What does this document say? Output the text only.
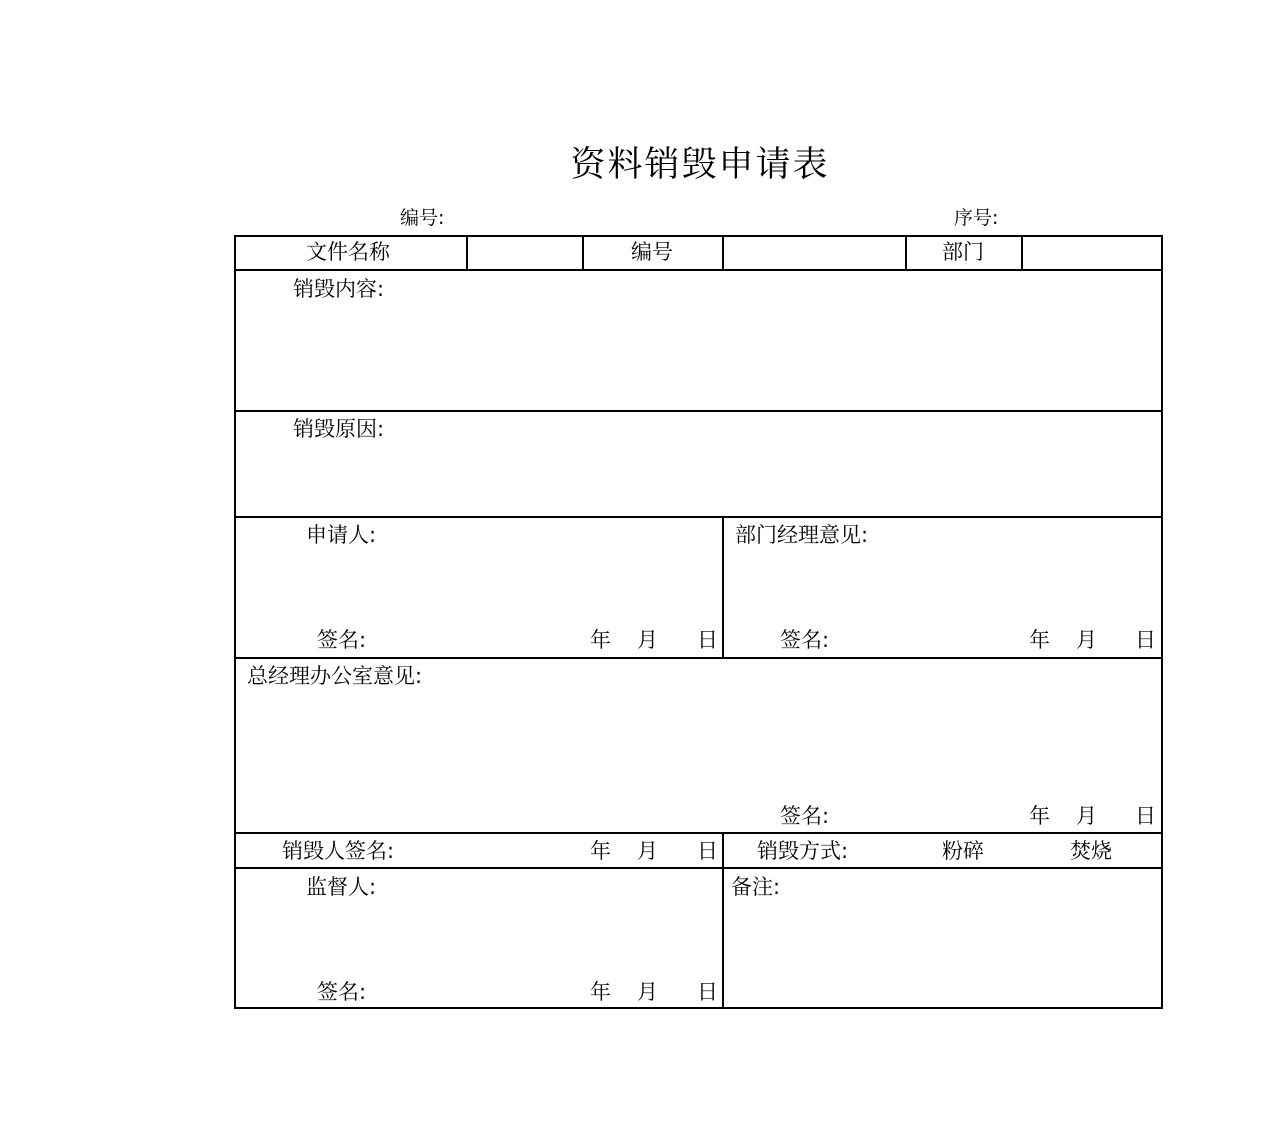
资料销毁申请表
编号:	序号:
文件名称	编号	部门
销毁内容:
销毁原因:
申请人:	部门经理意见:
签名:	年 月 日	签名:	年 月 日
总经理办公室意见:
签名:	年 月 日
销毁人签名:	年 月 日 销毁方式:	粉碎	焚烧
监督人:	备注:
签名:	年 月 日
